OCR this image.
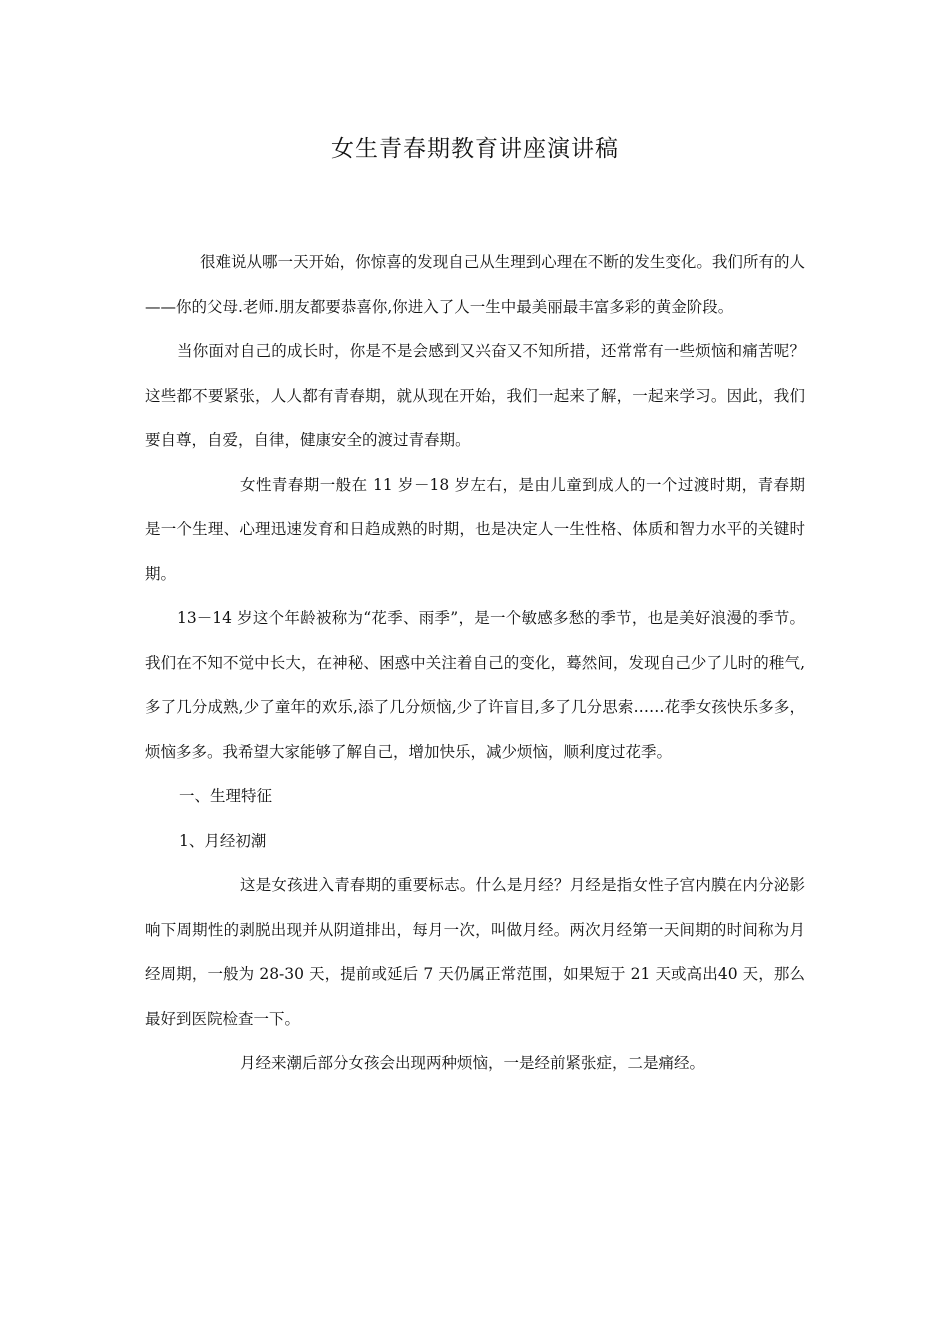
女生青春期教育讲座演讲稿

很难说从哪一天开始，你惊喜的发现自己从生理到心理在不断的发生变化。我们所有的人——你的父母.老师.朋友都要恭喜你,你进入了人一生中最美丽最丰富多彩的黄金阶段。

当你面对自己的成长时，你是不是会感到又兴奋又不知所措，还常常有一些烦恼和痛苦呢？这些都不要紧张，人人都有青春期，就从现在开始，我们一起来了解，一起来学习。因此，我们要自尊，自爱，自律，健康安全的渡过青春期。

女性青春期一般在 11 岁－18 岁左右，是由儿童到成人的一个过渡时期，青春期是一个生理、心理迅速发育和日趋成熟的时期，也是决定人一生性格、体质和智力水平的关键时期。

13－14 岁这个年龄被称为“花季、雨季”，是一个敏感多愁的季节，也是美好浪漫的季节。我们在不知不觉中长大，在神秘、困惑中关注着自己的变化，蓦然间，发现自己少了儿时的稚气,多了几分成熟,少了童年的欢乐,添了几分烦恼,少了许盲目,多了几分思索……花季女孩快乐多多，烦恼多多。我希望大家能够了解自己，增加快乐，减少烦恼，顺利度过花季。

一、生理特征

1、月经初潮

这是女孩进入青春期的重要标志。什么是月经？月经是指女性子宫内膜在内分泌影响下周期性的剥脱出现并从阴道排出，每月一次，叫做月经。两次月经第一天间期的时间称为月经周期，一般为 28-30 天，提前或延后 7 天仍属正常范围，如果短于 21 天或高出40 天，那么最好到医院检查一下。

月经来潮后部分女孩会出现两种烦恼，一是经前紧张症，二是痛经。
